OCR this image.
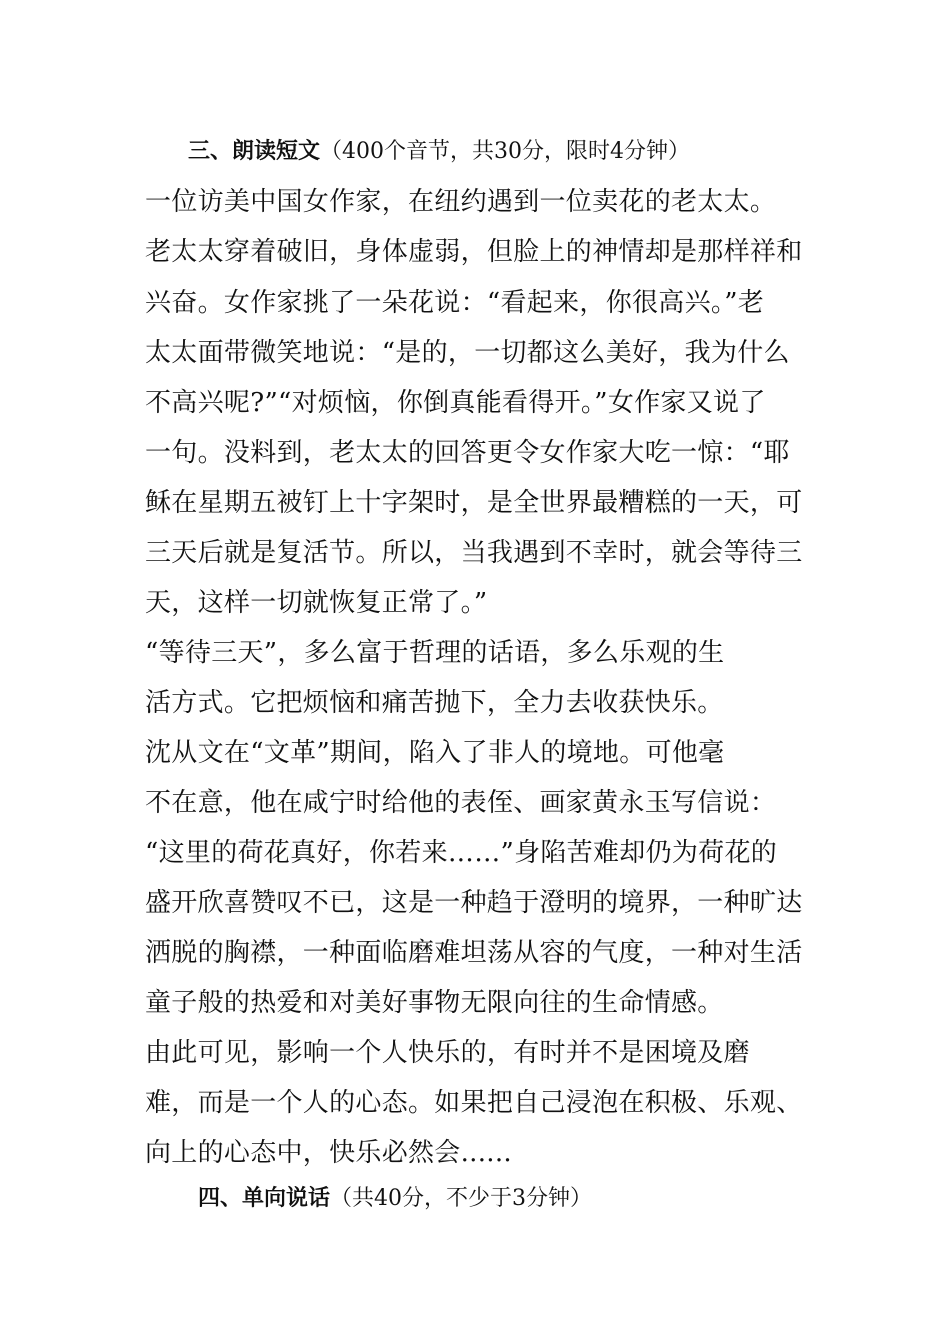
三、朗读短文（400个音节，共30分，限时4分钟）
一位访美中国女作家，在纽约遇到一位卖花的老太太。
老太太穿着破旧，身体虚弱，但脸上的神情却是那样祥和
兴奋。女作家挑了一朵花说：“看起来，你很高兴。”老
太太面带微笑地说：“是的，一切都这么美好，我为什么
不高兴呢?”“对烦恼，你倒真能看得开。”女作家又说了
一句。没料到，老太太的回答更令女作家大吃一惊：“耶
稣在星期五被钉上十字架时，是全世界最糟糕的一天，可
三天后就是复活节。所以，当我遇到不幸时，就会等待三
天，这样一切就恢复正常了。”
“等待三天”，多么富于哲理的话语，多么乐观的生
活方式。它把烦恼和痛苦抛下，全力去收获快乐。
沈从文在“文革”期间，陷入了非人的境地。可他毫
不在意，他在咸宁时给他的表侄、画家黄永玉写信说：
“这里的荷花真好，你若来……”身陷苦难却仍为荷花的
盛开欣喜赞叹不已，这是一种趋于澄明的境界，一种旷达
洒脱的胸襟，一种面临磨难坦荡从容的气度，一种对生活
童子般的热爱和对美好事物无限向往的生命情感。
由此可见，影响一个人快乐的，有时并不是困境及磨
难，而是一个人的心态。如果把自己浸泡在积极、乐观、
向上的心态中，快乐必然会......
四、单向说话（共40分，不少于3分钟）
